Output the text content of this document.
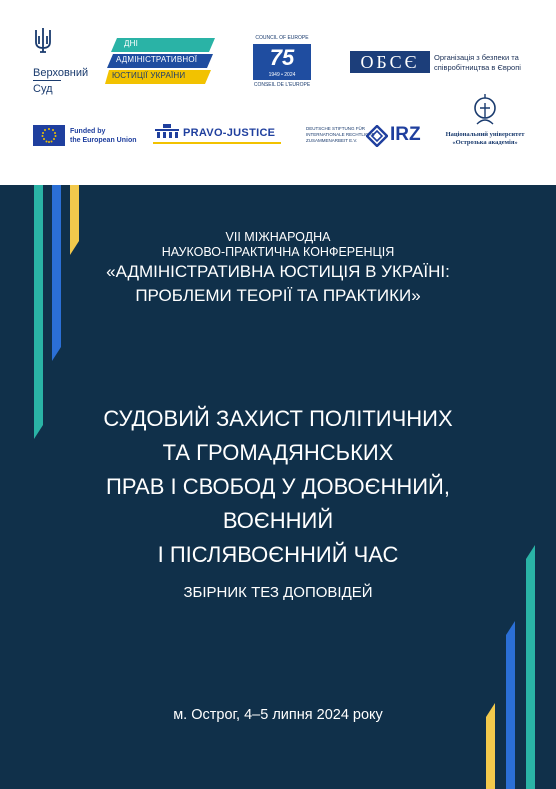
Верховний
Суд
ДНІ
АДМІНІСТРАТИВНОЇ
ЮСТИЦІЇ УКРАЇНИ
COUNCIL OF EUROPE
75
1949 • 2024
CONSEIL DE L'EUROPE
ОБСЄ	Організація з безпеки та
співробітництва в Європі
Funded by
the European Union
PRAVO-JUSTICE	DEUTSCHE STIFTUNG FÜR
INTERNATIONALE RECHTLICHE
ZUSAMMENARBEIT E.V.	IRZ	Національний університет
«Острозька академія»
VII МІЖНАРОДНА
НАУКОВО-ПРАКТИЧНА КОНФЕРЕНЦІЯ
«АДМІНІСТРАТИВНА ЮСТИЦІЯ В УКРАЇНІ:
ПРОБЛЕМИ ТЕОРІЇ ТА ПРАКТИКИ»
СУДОВИЙ ЗАХИСТ ПОЛІТИЧНИХ
ТА ГРОМАДЯНСЬКИХ
ПРАВ І СВОБОД У ДОВОЄННИЙ,
ВОЄННИЙ
І ПІСЛЯВОЄННИЙ ЧАС
ЗБІРНИК ТЕЗ ДОПОВІДЕЙ
м. Острог, 4–5 липня 2024 року
